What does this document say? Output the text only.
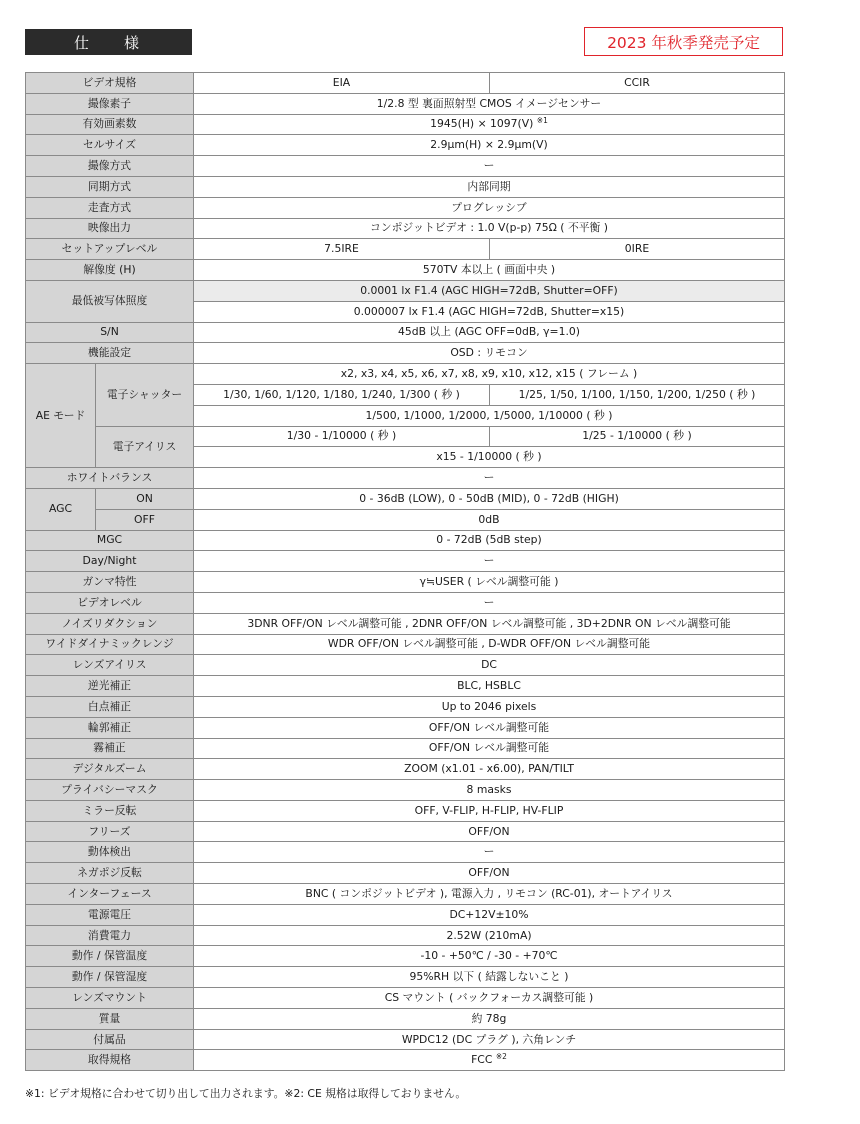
仕　様	2023 年秋季発売予定
ビデオ規格		EIA	CCIR
撮像素子		1/2.8 型 裏面照射型 CMOS イメージセンサー	
有効画素数		1945(H) × 1097(V) $^{※1}$
セルサイズ		2.9μm(H) × 2.9μm(V)	
撮像方式		ー	
同期方式		内部同期	
走査方式		プログレッシブ	
映像出力		コンポジットビデオ : 1.0 V(p-p) 75Ω ( 不平衡 )	
セットアップレベル		7.5IRE	0IRE
解像度 (H)		570TV 本以上 ( 画面中央 )	
最低被写体照度		0.0001 lx F1.4 (AGC HIGH=72dB, Shutter=OFF)	
		0.000007 lx F1.4 (AGC HIGH=72dB, Shutter=x15)	
S/N		45dB 以上 (AGC OFF=0dB, γ=1.0)	
機能設定		OSD : リモコン	
AE モード	電子シャッター	x2, x3, x4, x5, x6, x7, x8, x9, x10, x12, x15 ( フレーム )	
		1/30, 1/60, 1/120, 1/180, 1/240, 1/300 ( 秒 )	1/25, 1/50, 1/100, 1/150, 1/200, 1/250 ( 秒 )
		1/500, 1/1000, 1/2000, 1/5000, 1/10000 ( 秒 )	
	電子アイリス	1/30 - 1/10000 ( 秒 )	1/25 - 1/10000 ( 秒 )
		x15 - 1/10000 ( 秒 )	
ホワイトバランス		ー	
AGC	ON	0 - 36dB (LOW), 0 - 50dB (MID), 0 - 72dB (HIGH)	
	OFF	0dB	
MGC		0 - 72dB (5dB step)	
Day/Night		ー	
ガンマ特性		γ≒USER ( レベル調整可能 )	
ビデオレベル		ー	
ノイズリダクション		3DNR OFF/ON レベル調整可能 , 2DNR OFF/ON レベル調整可能 , 3D+2DNR ON レベル調整可能	
ワイドダイナミックレンジ		WDR OFF/ON レベル調整可能 , D-WDR OFF/ON レベル調整可能	
レンズアイリス		DC	
逆光補正		BLC, HSBLC	
白点補正		Up to 2046 pixels	
輪郭補正		OFF/ON レベル調整可能	
霧補正		OFF/ON レベル調整可能	
デジタルズーム		ZOOM (x1.01 - x6.00), PAN/TILT	
プライバシーマスク		8 masks	
ミラー反転		OFF, V-FLIP, H-FLIP, HV-FLIP	
フリーズ		OFF/ON	
動体検出		ー	
ネガポジ反転		OFF/ON	
インターフェース		BNC ( コンポジットビデオ ), 電源入力 , リモコン (RC-01), オートアイリス	
電源電圧		DC+12V±10%	
消費電力		2.52W (210mA)	
動作 / 保管温度		-10 - +50℃ / -30 - +70℃	
動作 / 保管湿度		95%RH 以下 ( 結露しないこと )	
レンズマウント		CS マウント ( バックフォーカス調整可能 )	
質量		約 78g	
付属品		WPDC12 (DC プラグ ), 六角レンチ	
取得規格		FCC $^{※2}$
※1: ビデオ規格に合わせて切り出して出力されます。※2: CE 規格は取得しておりません。
